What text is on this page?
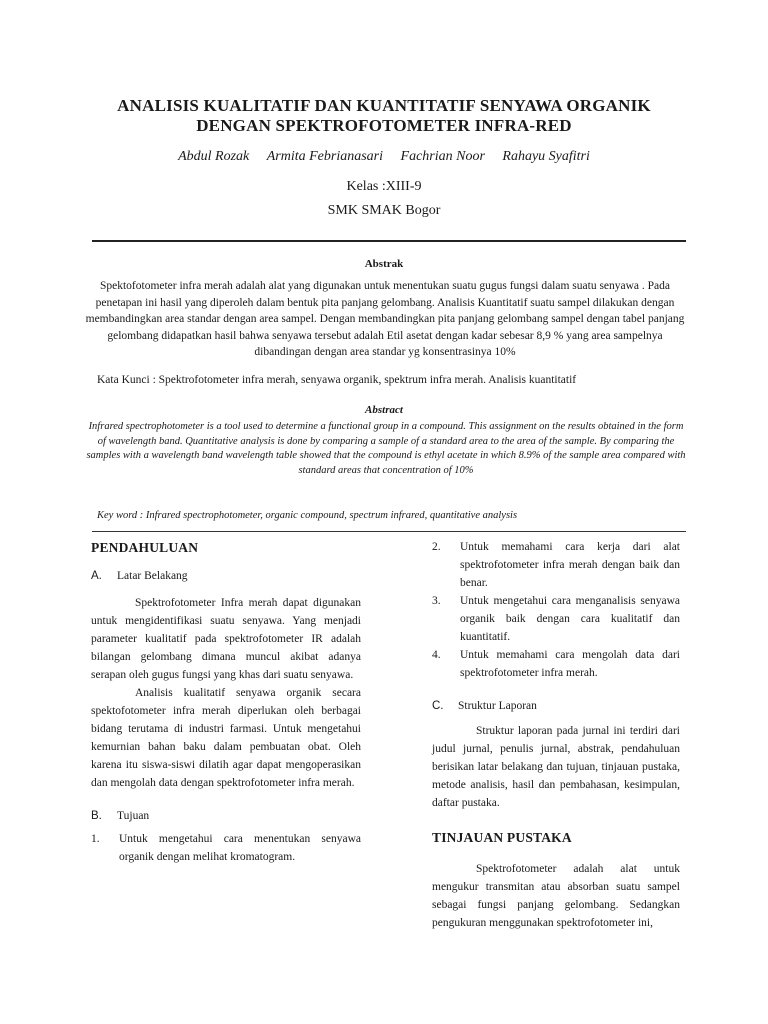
ANALISIS KUALITATIF DAN KUANTITATIF SENYAWA ORGANIK
DENGAN SPEKTROFOTOMETER INFRA-RED
Abdul Rozak Armita Febrianasari Fachrian Noor Rahayu Syafitri
Kelas :XIII-9
SMK SMAK Bogor
Abstrak
Spektofotometer infra merah adalah alat yang digunakan untuk menentukan suatu gugus fungsi dalam suatu senyawa . Pada penetapan ini hasil yang diperoleh dalam bentuk pita panjang gelombang. Analisis Kuantitatif suatu sampel dilakukan dengan membandingkan area standar dengan area sampel. Dengan membandingkan pita panjang gelombang sampel dengan tabel panjang gelombang didapatkan hasil bahwa senyawa tersebut adalah Etil asetat dengan kadar sebesar 8,9 % yang area sampelnya dibandingan dengan area standar yg konsentrasinya 10%
Kata Kunci : Spektrofotometer infra merah, senyawa organik, spektrum infra merah. Analisis kuantitatif
Abstract
Infrared spectrophotometer is a tool used to determine a functional group in a compound. This assignment on the results obtained in the form of wavelength band. Quantitative analysis is done by comparing a sample of a standard area to the area of the sample. By comparing the samples with a wavelength band wavelength table showed that the compound is ethyl acetate in which 8.9% of the sample area compared with standard areas that concentration of 10%
Key word : Infrared spectrophotometer, organic compound, spectrum infrared, quantitative analysis
PENDAHULUAN
A.	Latar Belakang
Spektrofotometer Infra merah dapat digunakan untuk mengidentifikasi suatu senyawa. Yang menjadi parameter kualitatif pada spektrofotometer IR adalah bilangan gelombang dimana muncul akibat adanya serapan oleh gugus fungsi yang khas dari suatu senyawa.
Analisis kualitatif senyawa organik secara spektofotometer infra merah diperlukan oleh berbagai bidang terutama di industri farmasi. Untuk mengetahui kemurnian bahan baku dalam pembuatan obat. Oleh karena itu siswa-siswi dilatih agar dapat mengoperasikan dan mengolah data dengan spektrofotometer infra merah.
B.	Tujuan
1.	Untuk mengetahui cara menentukan senyawa organik dengan melihat kromatogram.
2.	Untuk memahami cara kerja dari alat spektrofotometer infra merah dengan baik dan benar.
3.	Untuk mengetahui cara menganalisis senyawa organik baik dengan cara kualitatif dan kuantitatif.
4.	Untuk memahami cara mengolah data dari spektrofotometer infra merah.
C.	Struktur Laporan
Struktur laporan pada jurnal ini terdiri dari judul jurnal, penulis jurnal, abstrak, pendahuluan berisikan latar belakang dan tujuan, tinjauan pustaka, metode analisis, hasil dan pembahasan, kesimpulan, daftar pustaka.
TINJAUAN PUSTAKA
Spektrofotometer adalah alat untuk mengukur transmitan atau absorban suatu sampel sebagai fungsi panjang gelombang. Sedangkan pengukuran menggunakan spektrofotometer ini,
